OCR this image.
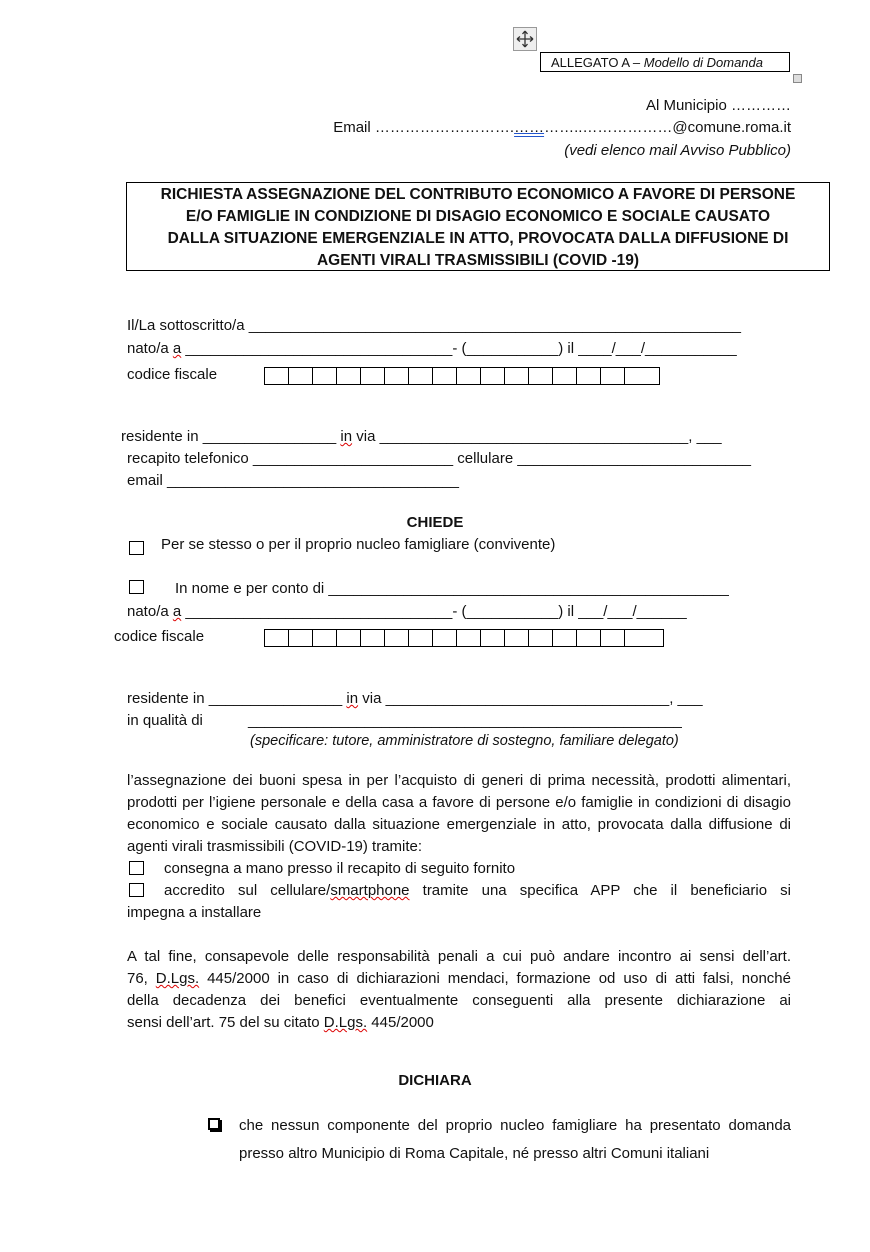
ALLEGATO A – Modello di Domanda
Al Municipio …………
Email ……………………….…………..………………@comune.roma.it
(vedi elenco mail Avviso Pubblico)
RICHIESTA ASSEGNAZIONE DEL CONTRIBUTO ECONOMICO A FAVORE DI PERSONE
E/O FAMIGLIE IN CONDIZIONE DI DISAGIO ECONOMICO E SOCIALE CAUSATO
DALLA SITUAZIONE EMERGENZIALE IN ATTO, PROVOCATA DALLA DIFFUSIONE DI
AGENTI VIRALI TRASMISSIBILI (COVID -19)
Il/La sottoscritto/a ___________________________________________________________
nato/a a ________________________________- (___________) il ____/___/___________
codice fiscale
residente in ________________ in via _____________________________________, ___
recapito telefonico ________________________ cellulare ____________________________
email ___________________________________
CHIEDE
Per se stesso o per il proprio nucleo famigliare (convivente)
In nome e per conto di ________________________________________________
nato/a a ________________________________- (___________) il ___/___/______
codice fiscale
residente in ________________ in via __________________________________, ___
in qualità di	____________________________________________________
(specificare: tutore, amministratore di sostegno, familiare delegato)
l’assegnazione dei buoni spesa in per l’acquisto di generi di prima necessità, prodotti alimentari, prodotti per l’igiene personale e della casa a favore di persone e/o famiglie in condizioni di disagio economico e sociale causato dalla situazione emergenziale in atto, provocata dalla diffusione di agenti virali trasmissibili (COVID-19) tramite:
consegna a mano presso il recapito di seguito fornito
accredito sul cellulare/smartphone tramite una specifica APP che il beneficiario si
impegna a installare
A tal fine, consapevole delle responsabilità penali a cui può andare incontro ai sensi dell’art.
76, D.Lgs. 445/2000 in caso di dichiarazioni mendaci, formazione od uso di atti falsi, nonché
della decadenza dei benefici eventualmente conseguenti alla presente dichiarazione ai
sensi dell’art. 75 del su citato D.Lgs. 445/2000
DICHIARA
che nessun componente del proprio nucleo famigliare ha presentato domanda presso altro Municipio di Roma Capitale, né presso altri Comuni italiani
